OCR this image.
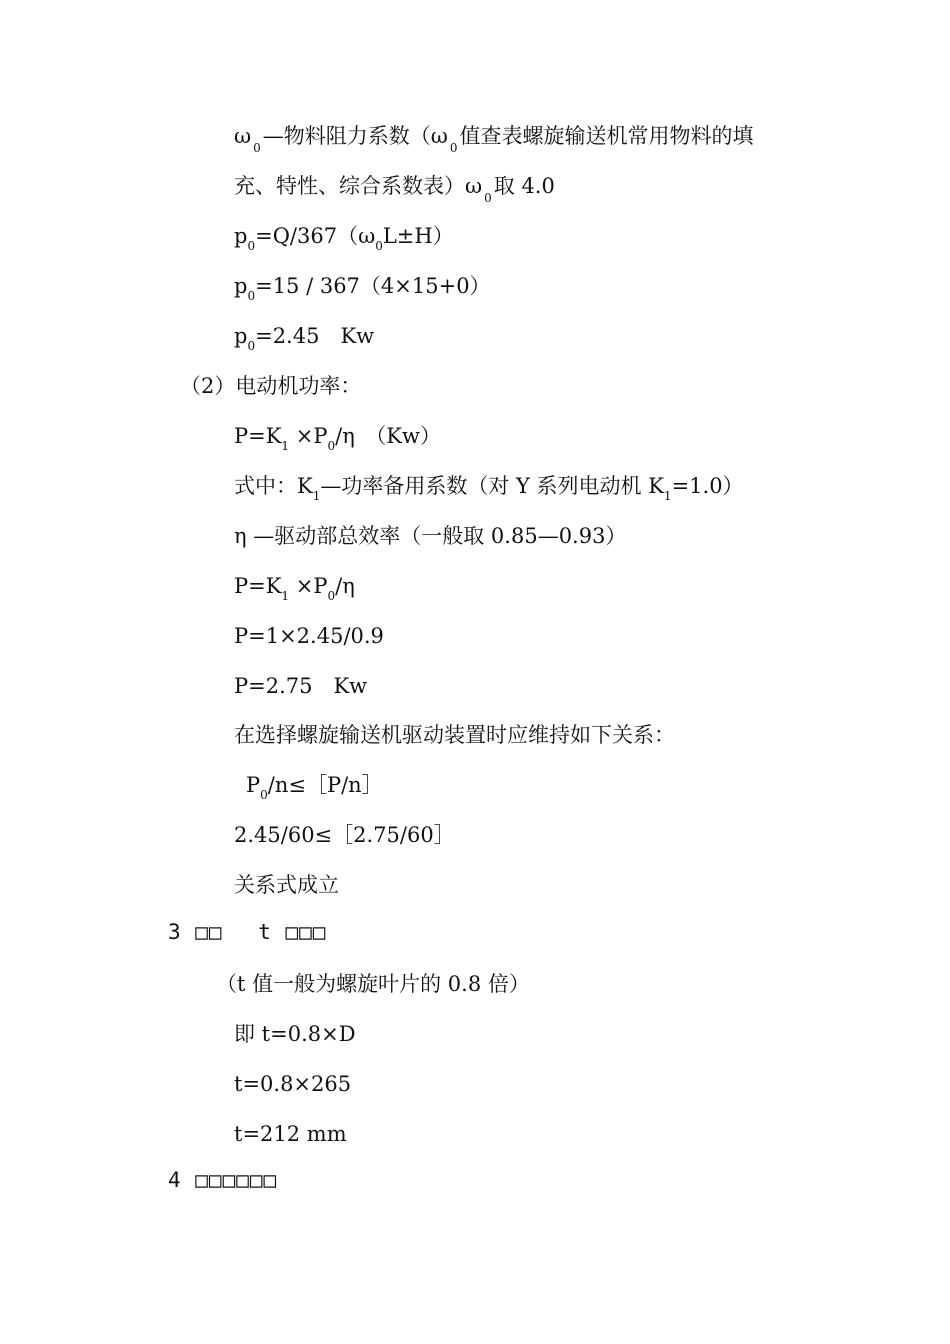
ω $_0$—物料阻力系数（ω $_0$值查表螺旋输送机常用物料的填
充、特性、综合系数表）ω $_0$取 4.0
$p_0=Q/367(\omega_0L\pm H)$
$p_0=15 / 367(4\times 15+0)$
$p_0=2.45$　Kw
（2）电动机功率：
$P=K_1 \times P_0/\eta$　（Kw）
式中：$K_1—$功率备用系数（对 Y 系列电动机 $K_1=1.0$）
η —驱动部总效率（一般取 0.85—0.93）
$P=K_1 \times P_0/\eta$
P=1×2.45/0.9
P=2.75　Kw
在选择螺旋输送机驱动装置时应维持如下关系：
$P_0/n\le[P/n]$
2.45/60≤［2.75/60］
关系式成立
3 □□　 t □□□
（t 值一般为螺旋叶片的 0.8 倍）
即 t=0.8×D
t=0.8×265
t=212 mm
4 □□□□□□
